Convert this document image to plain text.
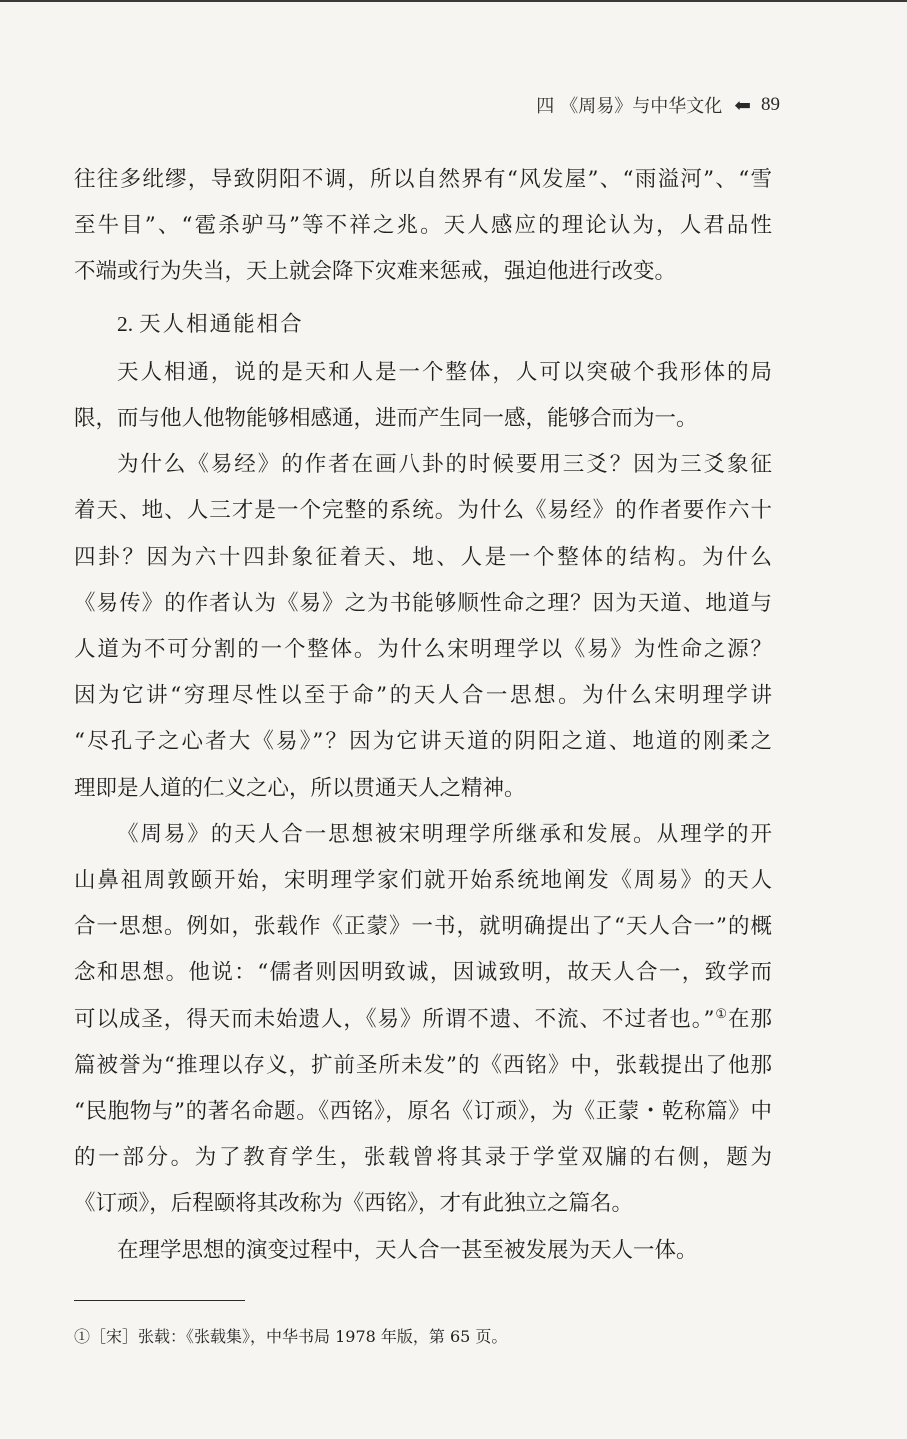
四 《周易》与中华文化 ⬅ 89

往往多纰缪，导致阴阳不调，所以自然界有“风发屋”、“雨溢河”、“雪

至牛目”、“雹杀驴马”等不祥之兆。天人感应的理论认为，人君品性

不端或行为失当，天上就会降下灾难来惩戒，强迫他进行改变。

2. 天人相通能相合

天人相通，说的是天和人是一个整体，人可以突破个我形体的局

限，而与他人他物能够相感通，进而产生同一感，能够合而为一。

为什么《易经》的作者在画八卦的时候要用三爻？因为三爻象征

着天、地、人三才是一个完整的系统。为什么《易经》的作者要作六十

四卦？因为六十四卦象征着天、地、人是一个整体的结构。为什么

《易传》的作者认为《易》之为书能够顺性命之理？因为天道、地道与

人道为不可分割的一个整体。为什么宋明理学以《易》为性命之源？

因为它讲“穷理尽性以至于命”的天人合一思想。为什么宋明理学讲

“尽孔子之心者大《易》”？因为它讲天道的阴阳之道、地道的刚柔之

理即是人道的仁义之心，所以贯通天人之精神。

《周易》的天人合一思想被宋明理学所继承和发展。从理学的开

山鼻祖周敦颐开始，宋明理学家们就开始系统地阐发《周易》的天人

合一思想。例如，张载作《正蒙》一书，就明确提出了“天人合一”的概

念和思想。他说：“儒者则因明致诚，因诚致明，故天人合一，致学而

可以成圣，得天而未始遗人，《易》所谓不遗、不流、不过者也。”①在那

篇被誉为“推理以存义，扩前圣所未发”的《西铭》中，张载提出了他那

“民胞物与”的著名命题。《西铭》，原名《订顽》，为《正蒙・乾称篇》中

的一部分。为了教育学生，张载曾将其录于学堂双牖的右侧，题为

《订顽》，后程颐将其改称为《西铭》，才有此独立之篇名。

在理学思想的演变过程中，天人合一甚至被发展为天人一体。

①［宋］张载：《张载集》，中华书局 1978 年版，第 65 页。
